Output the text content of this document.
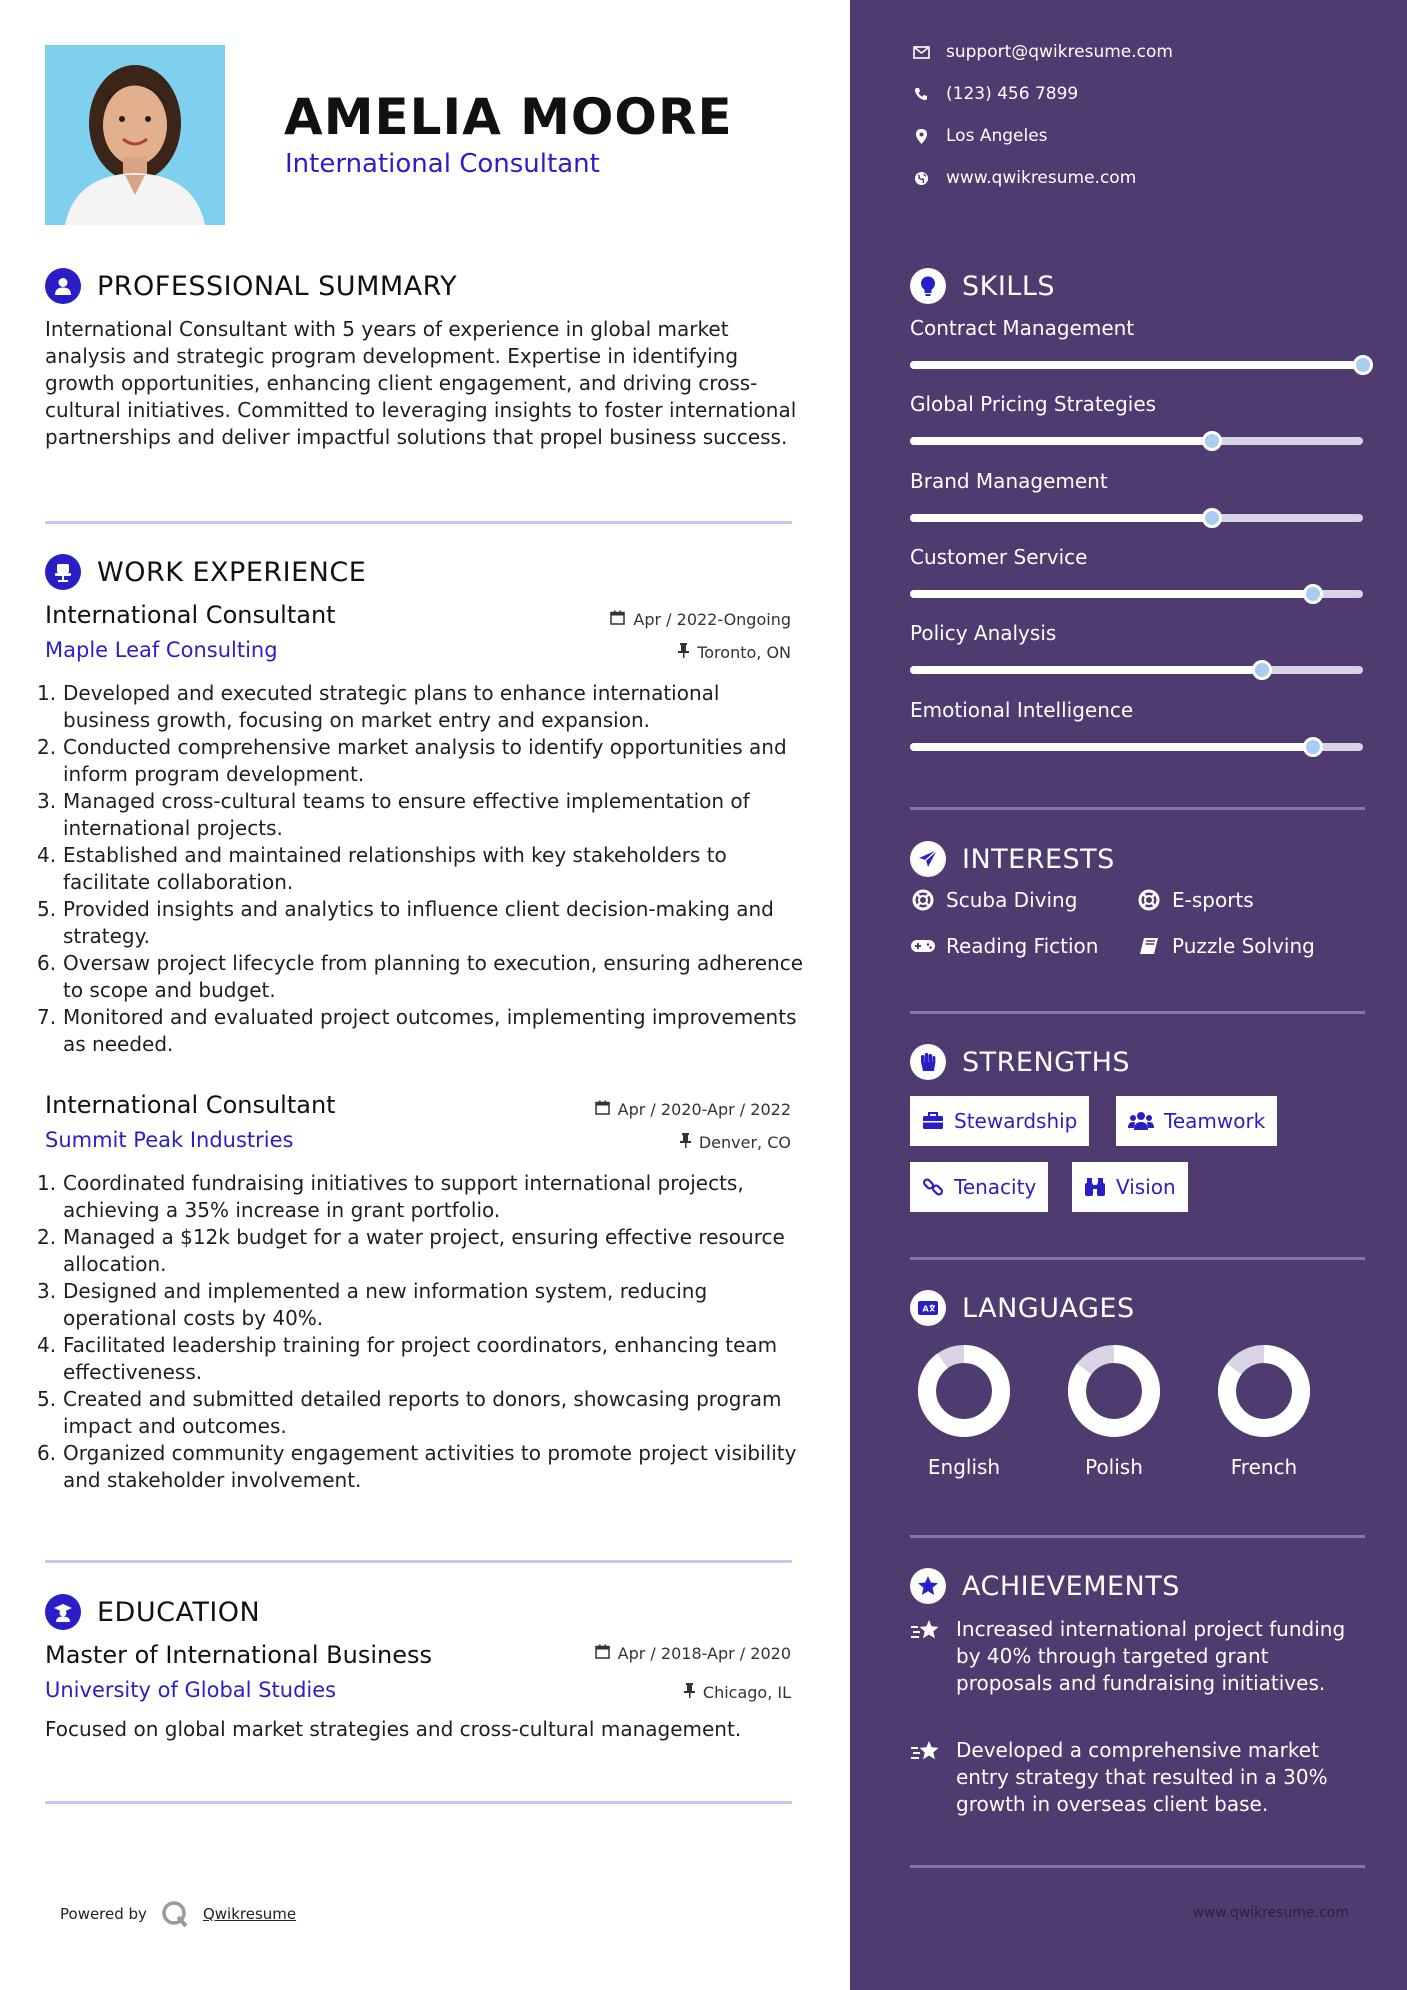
AMELIA MOORE
International Consultant
PROFESSIONAL SUMMARY
International Consultant with 5 years of experience in global market analysis and strategic program development. Expertise in identifying growth opportunities, enhancing client engagement, and driving cross-cultural initiatives. Committed to leveraging insights to foster international partnerships and deliver impactful solutions that propel business success.
WORK EXPERIENCE
International Consultant	Apr / 2022-Ongoing
Maple Leaf Consulting	Toronto, ON
1. Developed and executed strategic plans to enhance international business growth, focusing on market entry and expansion.
2. Conducted comprehensive market analysis to identify opportunities and inform program development.
3. Managed cross-cultural teams to ensure effective implementation of international projects.
4. Established and maintained relationships with key stakeholders to facilitate collaboration.
5. Provided insights and analytics to influence client decision-making and strategy.
6. Oversaw project lifecycle from planning to execution, ensuring adherence to scope and budget.
7. Monitored and evaluated project outcomes, implementing improvements as needed.
International Consultant	Apr / 2020-Apr / 2022
Summit Peak Industries	Denver, CO
1. Coordinated fundraising initiatives to support international projects, achieving a 35% increase in grant portfolio.
2. Managed a $12k budget for a water project, ensuring effective resource allocation.
3. Designed and implemented a new information system, reducing operational costs by 40%.
4. Facilitated leadership training for project coordinators, enhancing team effectiveness.
5. Created and submitted detailed reports to donors, showcasing program impact and outcomes.
6. Organized community engagement activities to promote project visibility and stakeholder involvement.
EDUCATION
Master of International Business	Apr / 2018-Apr / 2020
University of Global Studies	Chicago, IL
Focused on global market strategies and cross-cultural management.
Powered by	Qwikresume
support@qwikresume.com
(123) 456 7899
Los Angeles
www.qwikresume.com
SKILLS
Contract Management
Global Pricing Strategies
Brand Management
Customer Service
Policy Analysis
Emotional Intelligence
INTERESTS
Scuba Diving	E-sports
Reading Fiction	Puzzle Solving
STRENGTHS
Stewardship	Teamwork
Tenacity	Vision
A LANGUAGES
English	Polish	French
ACHIEVEMENTS
Increased international project funding by 40% through targeted grant proposals and fundraising initiatives.
Developed a comprehensive market entry strategy that resulted in a 30% growth in overseas client base.
www.qwikresume.com
